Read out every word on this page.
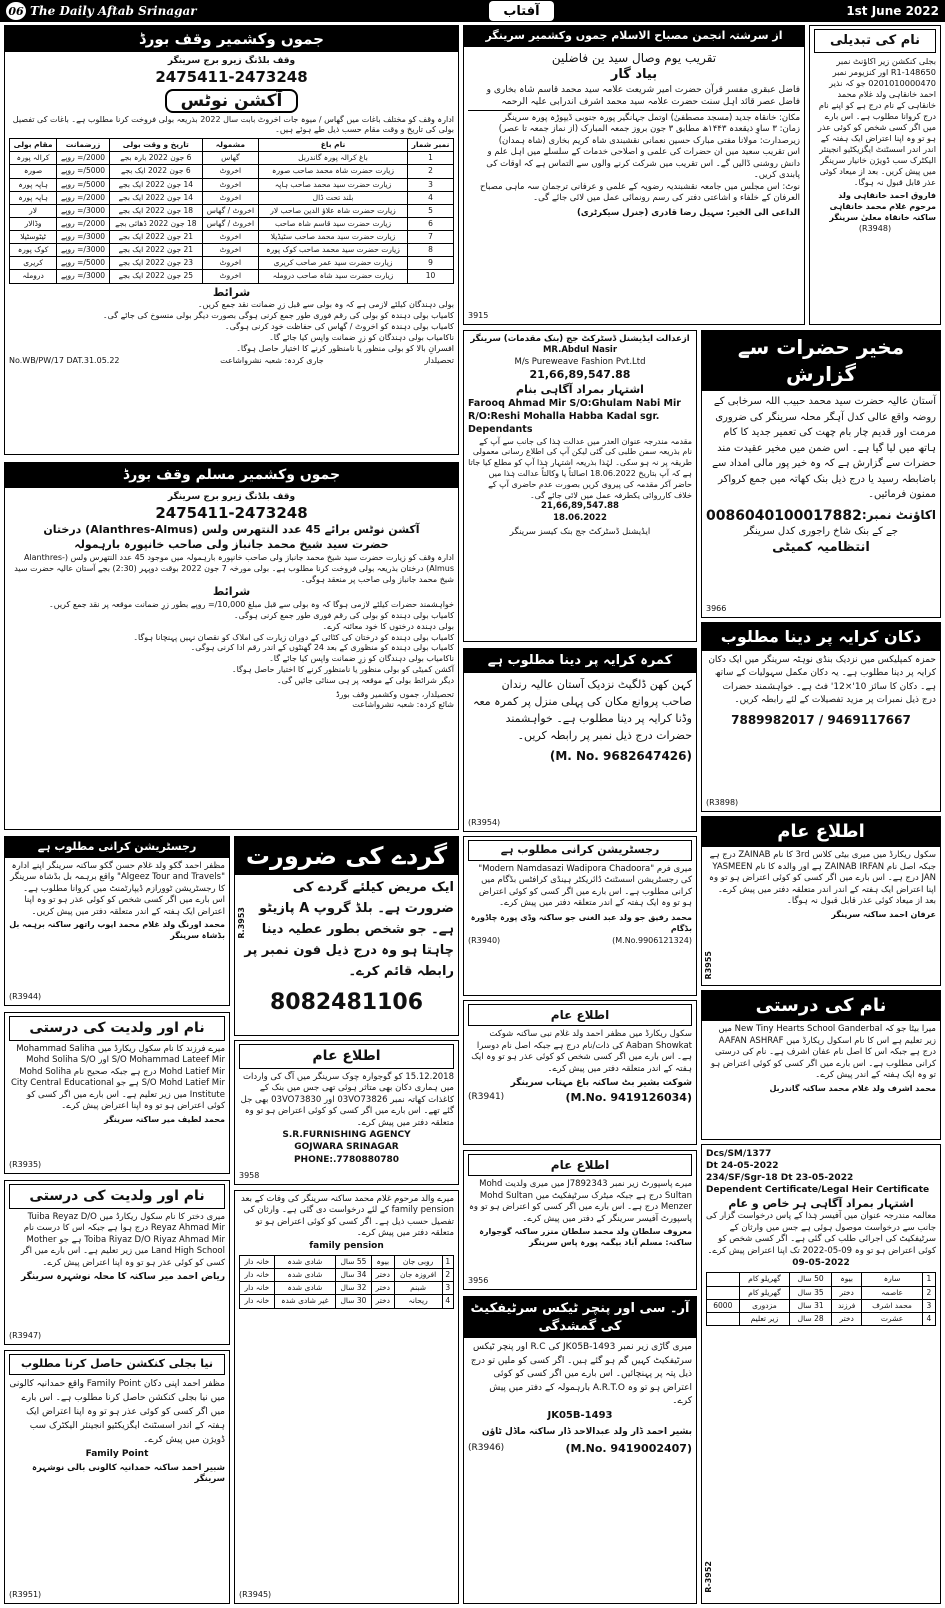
06 The Daily Aftab Srinagar	آفتاب	1st June 2022
جموں وکشمیر وقف بورڈ
وقف بلڈنگ زیرو برج سرینگر
2475411-2473248
آکشن نوٹس
ادارہ وقف کو مختلف باغات میں گھاس / میوہ جات اخروٹ بابت سال 2022 بذریعہ بولی فروخت کرنا مطلوب ہے۔ باغات کی تفصیل بولی کی تاریخ و وقت مقام حسب ذیل طے ہوئے ہیں۔
نمبر شمار	نام باغ	مشمولہ	تاریخ و وقت بولی	زرضمانت	مقام بولی
1	باغ کرالہ پورہ گاندربل	گھاس	6 جون 2022 بارہ بجے	2000/= روپے	کرالہ پورہ
2	زیارت حضرت شاہ محمد صاحب صورہ	اخروٹ	6 جون 2022 ایک بجے	5000/= روپے	صورہ
3	زیارت حضرت سید محمد صاحب ہاپہ	اخروٹ	14 جون 2022 ایک بجے	5000/= روپے	ہاپہ پورہ
4	بلند تحت ڈال	اخروٹ	14 جون 2022 ایک بجے	2000/= روپے	ہاپہ پورہ
5	زیارت حضرت شاہ علاؤ الدین صاحب لار	اخروٹ / گھاس	18 جون 2022 ایک بجے	3000/= روپے	لار
6	زیارت حضرت سید قاسم شاہ صاحب	اخروٹ / گھاس	18 جون 2022 ڈھائی بجے	2000/= روپے	وڈالار
7	زیارت حضرت سید محمد صاحب سٹیڈیلا	اخروٹ	21 جون 2022 ایک بجے	3000/= روپے	ٹیٹوسٹیلا
8	زیارت حضرت سید محمد صاحب کوک پورہ	اخروٹ	21 جون 2022 ایک بجے	3000/= روپے	کوک پورہ
9	زیارت حضرت سید عمر صاحب کریری	اخروٹ	23 جون 2022 ایک بجے	5000/= روپے	کریری
10	زیارت حضرت سید شاہ صاحب دروملہ	اخروٹ	25 جون 2022 ایک بجے	3000/= روپے	دروملہ
شرائط
بولی دہندگان کیلئے لازمی ہے کہ وہ بولی سے قبل زرِ ضمانت نقد جمع کریں۔
کامیاب بولی دہندہ کو بولی کی رقم فوری طور جمع کرنی ہوگی بصورت دیگر بولی منسوخ کی جائے گی۔
کامیاب بولی دہندہ کو اخروٹ / گھاس کی حفاظت خود کرنی ہوگی۔
ناکامیاب بولی دہندگان کو زرِ ضمانت واپس کیا جائے گا۔
افسرانِ بالا کو بولی منظور یا نامنظور کرنے کا اختیار حاصل ہوگا۔
No.WB/PW/17 DAT.31.05.22	جاری کردہ: شعبہ نشرواشاعت	تحصیلدار
از سرشتہ انجمن مصباح الاسلام جموں وکشمیر سرینگر
تقریب یوم وصال سید ین فاضلین
بیاد گار
فاضل عبقری مفسر قرآن حضرت امیر شریعت علامہ سید محمد قاسم شاہ بخاری و فاضل عصر قائد اہل سنت حضرت علامہ سید محمد اشرف اندرابی علیہ الرحمہ
مکان: خانقاہ جدید (مسجد مصطفیٰ) اوتمل جہانگیر پورہ جنوبی ڈیپوڑہ پورہ سرینگر
زمان: ۳ ساوِ ذیقعدہ ۱۴۴۳ھ مطابق ۳ جون بروز جمعہ المبارک (از نماز جمعہ تا عصر)
زیرصدارت: مولانا مفتی مبارک حسین نعمانی نقشبندی شاہ کریم بخاری (شاہ ہمدان)
اس تقریب سعید میں ان حضرات کی علمی و اصلاحی خدمات کے سلسلے میں اہل علم و دانش روشنی ڈالیں گے۔ اس تقریب میں شرکت کرنے والوں سے التماس ہے کہ اوقات کی پابندی کریں۔
نوٹ: اس مجلس میں جامعہ نقشبندیہ رضویہ کے علمی و عرفانی ترجمان سہ ماہی مصباح العرفان کے خلفاء و اشاعتی دفتر کی رسم رونمائی عمل میں لائی جائے گی۔
الداعی الی الخیر: سہیل رضا قادری (جنرل سیکرٹری)
3915
نام کی تبدیلی
بجلی کنکشن زیر اکاؤنٹ نمبر 148650-R1 اور کنزیومر نمبر 0201010000470 جو کہ نذیر احمد خانقاہی ولد غلام محمد خانقاہی کے نام درج ہے کو اپنے نام درج کروانا مطلوب ہے۔ اس بارے میں اگر کسی شخص کو کوئی عذر ہو تو وہ اپنا اعتراض ایک ہفتہ کے اندر اندر اسسٹنٹ ایگزیکٹیو انجینئر الیکٹرک سب ڈویژن خانیار سرینگر میں پیش کریں۔ بعد از میعاد کوئی عذر قابل قبول نہ ہوگا۔
فاروق احمد خانقاہی ولد مرحوم غلام محمد خانقاہی ساکنہ خانقاہ معلیٰ سرینگر
(R3948)
جموں وکشمیر مسلم وقف بورڈ
وقف بلڈنگ زیرو برج سرینگر
2475411-2473248
آکشن نوٹس برائے 45 عدد النتھرس ولس (Alanthres-Almus) درختان
حضرت سید شیخ محمد جانباز ولی صاحب خانپورہ بارہمولہ
ادارہ وقف کو زیارت حضرت سید شیخ محمد جانباز ولی صاحب خانپورہ بارہمولہ میں موجود 45 عدد النتھرس ولس (Alanthres-Almus) درختان بذریعہ بولی فروخت کرنا مطلوب ہے۔ بولی مورخہ 7 جون 2022 بوقت دوپہر (2:30) بجے آستان عالیہ حضرت سید شیخ محمد جانباز ولی صاحب پر منعقد ہوگی۔
شرائط
خواہشمند حضرات کیلئے لازمی ہوگا کہ وہ بولی سے قبل مبلغ 10,000/= روپے بطور زرِ ضمانت موقعہ پر نقد جمع کریں۔
کامیاب بولی دہندہ کو بولی کی رقم فوری طور جمع کرنی ہوگی۔
بولی دہندہ درختوں کا خود معائنہ کرے۔
کامیاب بولی دہندہ کو درختان کی کٹائی کے دوران زیارت کی املاک کو نقصان نہیں پہنچانا ہوگا۔
کامیاب بولی دہندہ کو منظوری کے بعد 24 گھنٹوں کے اندر رقم ادا کرنی ہوگی۔
ناکامیاب بولی دہندگان کو زرِ ضمانت واپس کیا جائے گا۔
آکشن کمیٹی کو بولی منظور یا نامنظور کرنے کا اختیار حاصل ہوگا۔
دیگر شرائط بولی کے موقعہ پر ہی سنائی جائیں گی۔
تحصیلدار، جموں وکشمیر وقف بورڈ
شائع کردہ: شعبہ نشرواشاعت
ازعدالت ایڈیشنل ڈسٹرکٹ جج (بنک مقدمات) سرینگر
MR.Abdul Nasir
M/s Pureweave Fashion Pvt.Ltd
21,66,89,547.88
اشتہار بمراد آگاہی بنام
Farooq Ahmad Mir S/O:Ghulam Nabi Mir R/O:Reshi Mohalla Habba Kadal sgr. Dependants
مقدمہ مندرجہ عنوان العدر میں عدالت ہٰذا کی جانب سے آپ کے نام بذریعہ سمن طلبی کی گئی لیکن آپ کی اطلاع رسانی معمولی طریقہ پر نہ ہو سکی۔ لہٰذا بذریعہ اشتہار ہٰذا آپ کو مطلع کیا جاتا ہے کہ آپ بتاریخ 18.06.2022 اصالتاً یا وکالتاً عدالت ہٰذا میں حاضر آکر مقدمہ کی پیروی کریں بصورت عدم حاضری آپ کے خلاف کارروائی یکطرفہ عمل میں لائی جائے گی۔
21,66,89,547.88
18.06.2022
ایڈیشنل ڈسٹرکٹ جج بنک کیسز سرینگر
مخیر حضرات سے گزارش
آستان عالیہ حضرت سید محمد حبیب اللہ سرخابی کے روضہ واقع عالی کدل آہگر محلہ سرینگر کی ضروری مرمت اور قدیم چار بام چھت کی تعمیر جدید کا کام ہاتھ میں لیا گیا ہے۔ اس ضمن میں مخیر عقیدت مند حضرات سے گزارش ہے کہ وہ خیر پور مالی امداد سے باضابطہ رسید یا درج ذیل بنک کھاتہ میں جمع کرواکر ممنون فرمائیں۔
اکاؤنٹ نمبر:
0086040100017882
جے کے بنک شاخ راجوری کدل سرینگر
انتظامیہ کمیٹی
3966
دکان کرایہ پر دینا مطلوب
حمزہ کمپلیکس میں نزدیک بنڈی نوہٹہ سرینگر میں ایک دکان کرایہ پر دینا مطلوب ہے۔ یہ دکان مکمل سہولیات کے ساتھ ہے۔ دکان کا سائز 10'×12' فٹ ہے۔ خواہشمند حضرات درج ذیل نمبرات پر مزید تفصیلات کے لئے رابطہ کریں۔
7889982017 / 9469117667
(R3898)
کمرہ کرایہ پر دینا مطلوب ہے
کہن کھن ڈلگیٹ نزدیک آستان عالیہ رندان صاحب پروانع مکان کی پہلی منزل پر کمرہ معہ وڈنا کرایہ پر دینا مطلوب ہے۔ خواہشمند حضرات درج ذیل نمبر پر رابطہ کریں۔
(M. No. 9682647426)
(R3954)	اطلاع عام
سکول ریکارڈ میں میری بیٹی کلاس 3rd کا نام ZAINAB درج ہے جبکہ اصل نام ZAINAB IRFAN ہے اور والدہ کا نام YASMEEN JAN درج ہے۔ اس بارے میں اگر کسی کو کوئی اعتراض ہو تو وہ اپنا اعتراض ایک ہفتہ کے اندر اندر متعلقہ دفتر میں پیش کرے۔ بعد از میعاد کوئی عذر قابل قبول نہ ہوگا۔
عرفان احمد ساکنہ سرینگر
R3955
رجسٹریشن کرانی مطلوب ہے
مظفر احمد گکو ولد غلام حسن گکو ساکنہ سرینگر اپنے ادارہ "Algeez Tour and Travels" واقع برہمہ بل بڈشاہ سرینگر کا رجسٹریشن ٹوورازم ڈیپارٹمنٹ میں کروانا مطلوب ہے۔ اس بارے میں اگر کسی شخص کو کوئی عذر ہو تو وہ اپنا اعتراض ایک ہفتہ کے اندر متعلقہ دفتر میں پیش کریں۔
محمد اورنگ ولد غلام محمد ایوب راتھر ساکنہ برہمہ بل بڈشاہ سرینگر
(R3944)
گردے کی ضرورت
ایک مریض کیلئے گردے کی ضرورت ہے۔ بلڈ گروپ A پازیٹو ہے۔ جو شخص بطور عطیہ دینا چاہتا ہو وہ درج ذیل فون نمبر پر رابطہ قائم کرے۔
8082481106
R.3953
رجسٹریشن کرانی مطلوب ہے
میری فرم "Modern Namdasazi Wadipora Chadoora" کی رجسٹریشن اسسٹنٹ ڈائریکٹر ہینڈی کرافٹس بڈگام میں کرانی مطلوب ہے۔ اس بارے میں اگر کسی کو کوئی اعتراض ہو تو وہ ایک ہفتہ کے اندر متعلقہ دفتر میں پیش کرے۔
محمد رفیق جو ولد عبد الغنی جو ساکنہ وڈی پورہ چاڈورہ بڈگام
(R3940)	(M.No.9906121324)
نام کی درستی
میرا بیٹا جو کہ New Tiny Hearts School Ganderbal میں زیر تعلیم ہے اس کا نام اسکول ریکارڈ میں AAFAN ASHRAF درج ہے جبکہ اس کا اصل نام عفان اشرف ہے۔ نام کی درستی کرانی مطلوب ہے۔ اس بارے میں اگر کسی کو کوئی اعتراض ہو تو وہ ایک ہفتہ کے اندر پیش کرے۔
محمد اشرف ولد غلام محمد ساکنہ گاندربل
اطلاع عام
سکول ریکارڈ میں مظفر احمد ولد غلام نبی ساکنہ شوکت Aaban Showkat کی ذات/نام درج ہے جبکہ اصل نام دوسرا ہے۔ اس بارے میں اگر کسی شخص کو کوئی عذر ہو تو وہ ایک ہفتہ کے اندر متعلقہ دفتر میں پیش کرے۔
شوکت بشیر بٹ ساکنہ باغ مہتاب سرینگر
(R3941)	(M.No. 9419126034)
نام اور ولدیت کی درستی
میرے فرزند کا نام سکول ریکارڈ میں Mohammad Saliha S/O Mohammad Lateef Mir اور Mohd Soliha S/O Mohd Latief Mir درج ہے جبکہ صحیح نام Mohd Soliha S/O Mohd Latief Mir ہے جو City Central Educational Institute میں زیر تعلیم ہے۔ اس بارے میں اگر کسی کو کوئی اعتراض ہو تو وہ اپنا اعتراض پیش کرے۔
محمد لطیف میر ساکنہ سرینگر
(R3935)
اطلاع عام
15.12.2018 کو گوجوارہ چوک سرینگر میں آگ کی واردات میں ہماری دکان بھی متاثر ہوئی تھی جس میں بنک کے کاغذات کھاتہ نمبر 03VO73826 اور 03VO73830 بھی جل گئے تھے۔ اس بارے میں اگر کسی کو کوئی اعتراض ہو تو وہ متعلقہ دفتر میں پیش کرے۔
S.R.FURNISHING AGENCY
GOJWARA SRINAGAR
PHONE:.7780880780
3958
Dcs/SM/1377
Dt 24-05-2022
234/SF/Sgr-18 Dt 23-05-2022
Dependent Certificate/Legal Heir Certificate
اشتہار بمراد آگاہی ہر خاص و عام
معالمہ مندرجہ عنوان میں آفیسر ہٰذا کے پاس درخواست گزار کی جانب سے درخواست موصول ہوئی ہے جس میں وارثان کے سرٹیفکیٹ کی اجرائی طلب کی گئی ہے۔ اگر کسی شخص کو کوئی اعتراض ہو تو وہ 09-05-2022 تک اپنا اعتراض پیش کرے۔
09-05-2022
1	سارہ	بیوہ	50 سال	گھریلو کام	
2	عاصمہ	دختر	35 سال	گھریلو کام	
3	محمد اشرف	فرزند	31 سال	مزدوری	6000
4	عشرت	دختر	28 سال	زیر تعلیم	
R-3952
اطلاع عام
میرے پاسپورٹ زیر نمبر J7892343 میں میری ولدیت Mohd Sultan درج ہے جبکہ میٹرک سرٹیفکیٹ میں Mohd Sultan Menzer درج ہے۔ اس بارے میں اگر کسی کو اعتراض ہو تو وہ پاسپورٹ آفیسر سرینگر کے دفتر میں پیش کرے۔
معروف سلطان ولد محمد سلطان منزر ساکنہ گوجوارہ
ساکنہ: مسلم آباد بیگمہ پورہ پاس سرینگر
3956
نام اور ولدیت کی درستی
میری دختر کا نام سکول ریکارڈ میں Tuiba Reyaz D/O Reyaz Ahmad Mir درج ہوا ہے جبکہ اس کا درست نام Toiba Riyaz D/O Riyaz Ahmad Mir ہے جو Mother Land High School میں زیر تعلیم ہے۔ اس بارے میں اگر کسی کو کوئی عذر ہو تو وہ اپنا اعتراض پیش کرے۔
ریاض احمد میر ساکنہ کا محلہ نوشہرہ سرینگر
(R3947)
میرے والد مرحوم غلام محمد ساکنہ سرینگر کی وفات کے بعد family pension کے لئے درخواست دی گئی ہے۔ وارثان کی تفصیل حسب ذیل ہے۔ اگر کسی کو کوئی اعتراض ہو تو متعلقہ دفتر میں پیش کرے۔
family pension
1	روبی جان	بیوہ	55 سال	شادی شدہ	خانہ دار
2	افروزہ جان	دختر	34 سال	شادی شدہ	خانہ دار
3	شبنم	دختر	32 سال	شادی شدہ	خانہ دار
4	ریحانہ	دختر	30 سال	غیر شادی شدہ	خانہ دار
(R3945)
آر۔ سی اور پنچر ٹیکس سرٹیفکیٹ کی گمشدگی
میری گاڑی زیر نمبر JK05B-1493 کی R.C اور پنچر ٹیکس سرٹیفکیٹ کہیں گم ہو گئے ہیں۔ اگر کسی کو ملیں تو درج ذیل پتہ پر پہنچائیں۔ اس بارے میں اگر کسی کو کوئی اعتراض ہو تو وہ A.R.T.O بارہمولہ کے دفتر میں پیش کرے۔
JK05B-1493
بشیر احمد ڈار ولد عبدالاحد ڈار ساکنہ ماڈل ٹاؤن
(R3946)	(M.No. 9419002407)
نیا بجلی کنکشن حاصل کرنا مطلوب
مظفر احمد اپنی دکان Family Point واقع حمدانیہ کالونی میں نیا بجلی کنکشن حاصل کرنا مطلوب ہے۔ اس بارے میں اگر کسی کو کوئی عذر ہو تو وہ اپنا اعتراض ایک ہفتہ کے اندر اسسٹنٹ ایگزیکٹیو انجینئر الیکٹرک سب ڈویژن میں پیش کرے۔
Family Point
شبیر احمد ساکنہ حمدانیہ کالونی بالی نوشہرہ سرینگر
(R3951)
